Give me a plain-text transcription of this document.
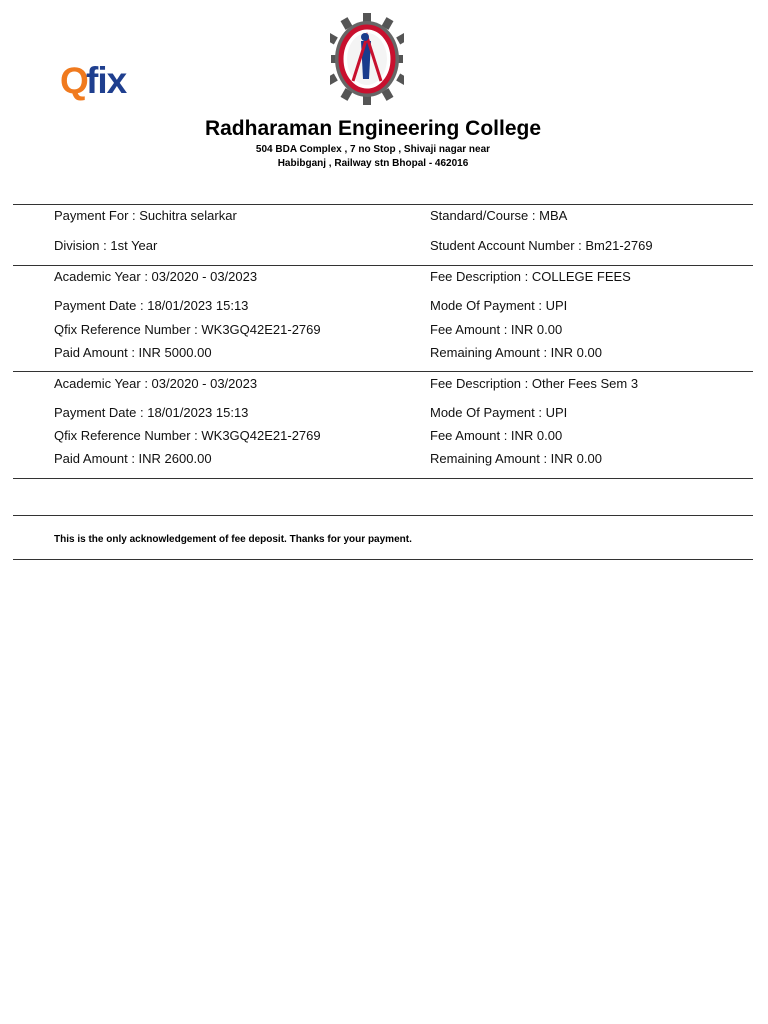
Q
fix
Radharaman Engineering College
504 BDA Complex , 7 no Stop , Shivaji nagar near
Habibganj , Railway stn Bhopal - 462016
Payment For : Suchitra selarkar	Standard/Course : MBA
Division : 1st Year	Student Account Number : Bm21-2769
Academic Year : 03/2020 - 03/2023	Fee Description : COLLEGE FEES
Payment Date : 18/01/2023 15:13	Mode Of Payment : UPI
Qfix Reference Number : WK3GQ42E21-2769	Fee Amount : INR 0.00
Paid Amount : INR 5000.00	Remaining Amount : INR 0.00
Academic Year : 03/2020 - 03/2023	Fee Description : Other Fees Sem 3
Payment Date : 18/01/2023 15:13	Mode Of Payment : UPI
Qfix Reference Number : WK3GQ42E21-2769	Fee Amount : INR 0.00
Paid Amount : INR 2600.00	Remaining Amount : INR 0.00
This is the only acknowledgement of fee deposit. Thanks for your payment.
